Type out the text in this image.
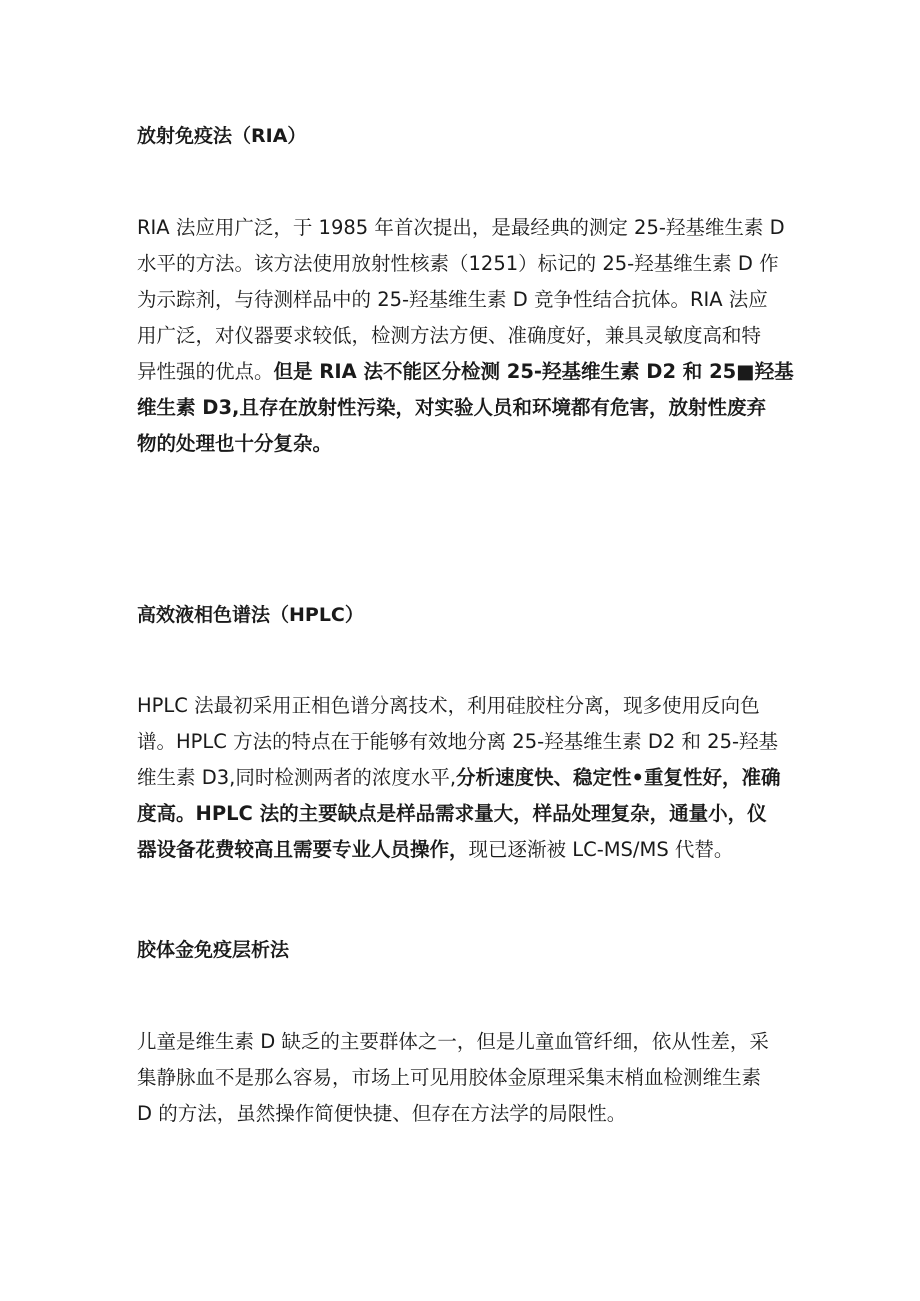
放射免疫法（RIA）
RIA 法应用广泛，于 1985 年首次提出，是最经典的测定 25-羟基维生素 D
水平的方法。该方法使用放射性核素（1251）标记的 25-羟基维生素 D 作
为示踪剂，与待测样品中的 25-羟基维生素 D 竞争性结合抗体。RIA 法应
用广泛，对仪器要求较低，检测方法方便、准确度好，兼具灵敏度高和特
异性强的优点。但是 RIA 法不能区分检测 25-羟基维生素 D2 和 25■羟基
维生素 D3,且存在放射性污染，对实验人员和环境都有危害，放射性废弃
物的处理也十分复杂。
高效液相色谱法（HPLC）
HPLC 法最初采用正相色谱分离技术，利用硅胶柱分离，现多使用反向色
谱。HPLC 方法的特点在于能够有效地分离 25-羟基维生素 D2 和 25-羟基
维生素 D3,同时检测两者的浓度水平,分析速度快、稳定性•重复性好，准确
度高。HPLC 法的主要缺点是样品需求量大，样品处理复杂，通量小，仪
器设备花费较高且需要专业人员操作，现已逐渐被 LC-MS/MS 代替。
胶体金免疫层析法
儿童是维生素 D 缺乏的主要群体之一，但是儿童血管纤细，依从性差，采
集静脉血不是那么容易，市场上可见用胶体金原理采集末梢血检测维生素
D 的方法，虽然操作简便快捷、但存在方法学的局限性。
